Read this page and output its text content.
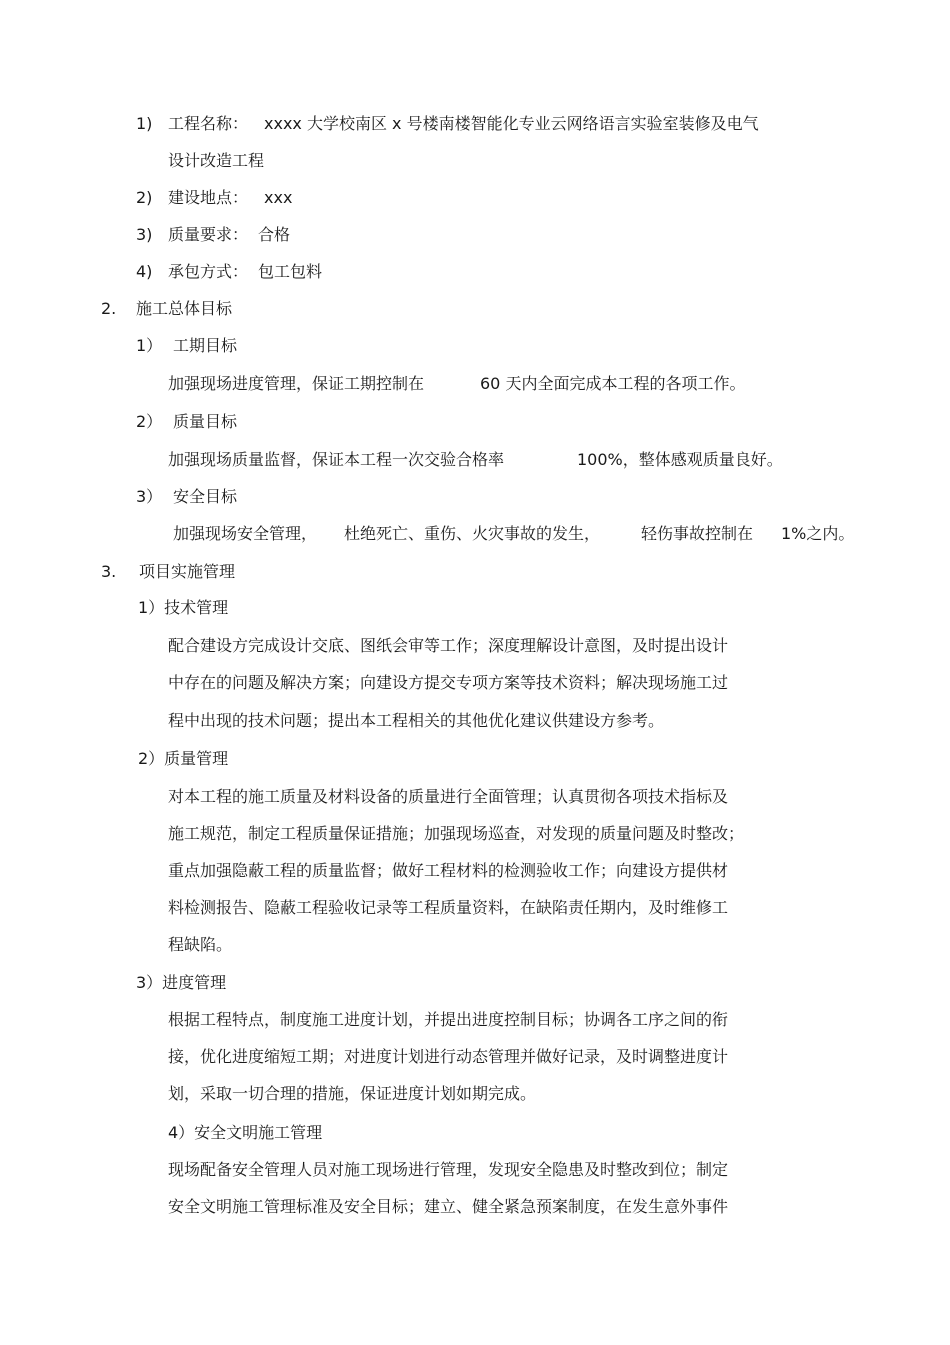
1) 工程名称： xxxx 大学校南区 x 号楼南楼智能化专业云网络语言实验室装修及电气
设计改造工程
2) 建设地点： xxx
3) 质量要求： 合格
4) 承包方式： 包工包料
2. 施工总体目标
1） 工期目标
加强现场进度管理，保证工期控制在	60 天内全面完成本工程的各项工作。
2） 质量目标
加强现场质量监督，保证本工程一次交验合格率	100%，整体感观质量良好。
3） 安全目标
加强现场安全管理， 杜绝死亡、重伤、火灾事故的发生，	轻伤事故控制在 1%之内。
3. 项目实施管理
1）技术管理
配合建设方完成设计交底、图纸会审等工作；深度理解设计意图，及时提出设计
中存在的问题及解决方案；向建设方提交专项方案等技术资料；解决现场施工过
程中出现的技术问题；提出本工程相关的其他优化建议供建设方参考。
2）质量管理
对本工程的施工质量及材料设备的质量进行全面管理；认真贯彻各项技术指标及
施工规范，制定工程质量保证措施；加强现场巡查，对发现的质量问题及时整改；
重点加强隐蔽工程的质量监督；做好工程材料的检测验收工作；向建设方提供材
料检测报告、隐蔽工程验收记录等工程质量资料，在缺陷责任期内，及时维修工
程缺陷。
3）进度管理
根据工程特点，制度施工进度计划，并提出进度控制目标；协调各工序之间的衔
接，优化进度缩短工期；对进度计划进行动态管理并做好记录，及时调整进度计
划，采取一切合理的措施，保证进度计划如期完成。
4）安全文明施工管理
现场配备安全管理人员对施工现场进行管理，发现安全隐患及时整改到位；制定
安全文明施工管理标准及安全目标；建立、健全紧急预案制度，在发生意外事件
